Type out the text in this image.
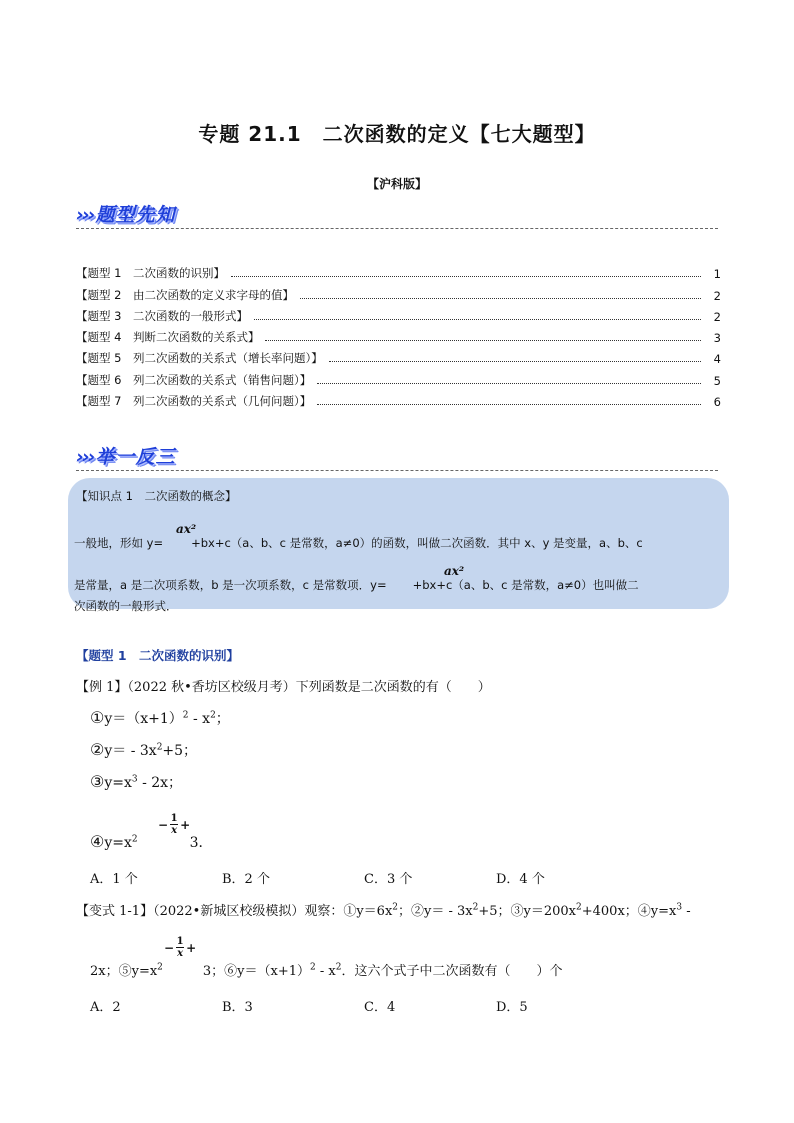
专题 21.1　二次函数的定义【七大题型】
【沪科版】
››› 题型先知
【题型 1　二次函数的识别】	1
【题型 2　由二次函数的定义求字母的值】	2
【题型 3　二次函数的一般形式】	2
【题型 4　判断二次函数的关系式】	3
【题型 5　列二次函数的关系式（增长率问题）】	4
【题型 6　列二次函数的关系式（销售问题）】	5
【题型 7　列二次函数的关系式（几何问题）】	6
››› 举一反三
【知识点 1　二次函数的概念】
ax²
一般地，形如 y= +bx+c（a、b、c 是常数，a≠0）的函数，叫做二次函数．其中 x、y 是变量，a、b、c
ax²
是常量，a 是二次项系数，b 是一次项系数，c 是常数项．y= +bx+c（a、b、c 是常数，a≠0）也叫做二
次函数的一般形式．
【题型 1　二次函数的识别】
【例 1】（2022 秋•香坊区校级月考）下列函数是二次函数的有（　　）
$①y=(x+1)^2 - x^2$；
②y＝ - $3x^2+5$；
$③y=x^3 - 2x$；
− $\frac{1}{x}$ +
$④y=x^2$	3．
A．1 个	B．2 个	C．3 个	D．4 个
【变式 1-1】（2022•新城区校级模拟）观察：$①y=6x^2$；②y＝ - $3x^2+5$；$③y=200x^2+400x$；$④y=x^3$ -
− $\frac{1}{x}$ +
2x；$⑤y=x^2$	3；$⑥y=(x+1)^2 - x^2$．这六个式子中二次函数有（　　）个
A．2	B．3	C．4	D．5
